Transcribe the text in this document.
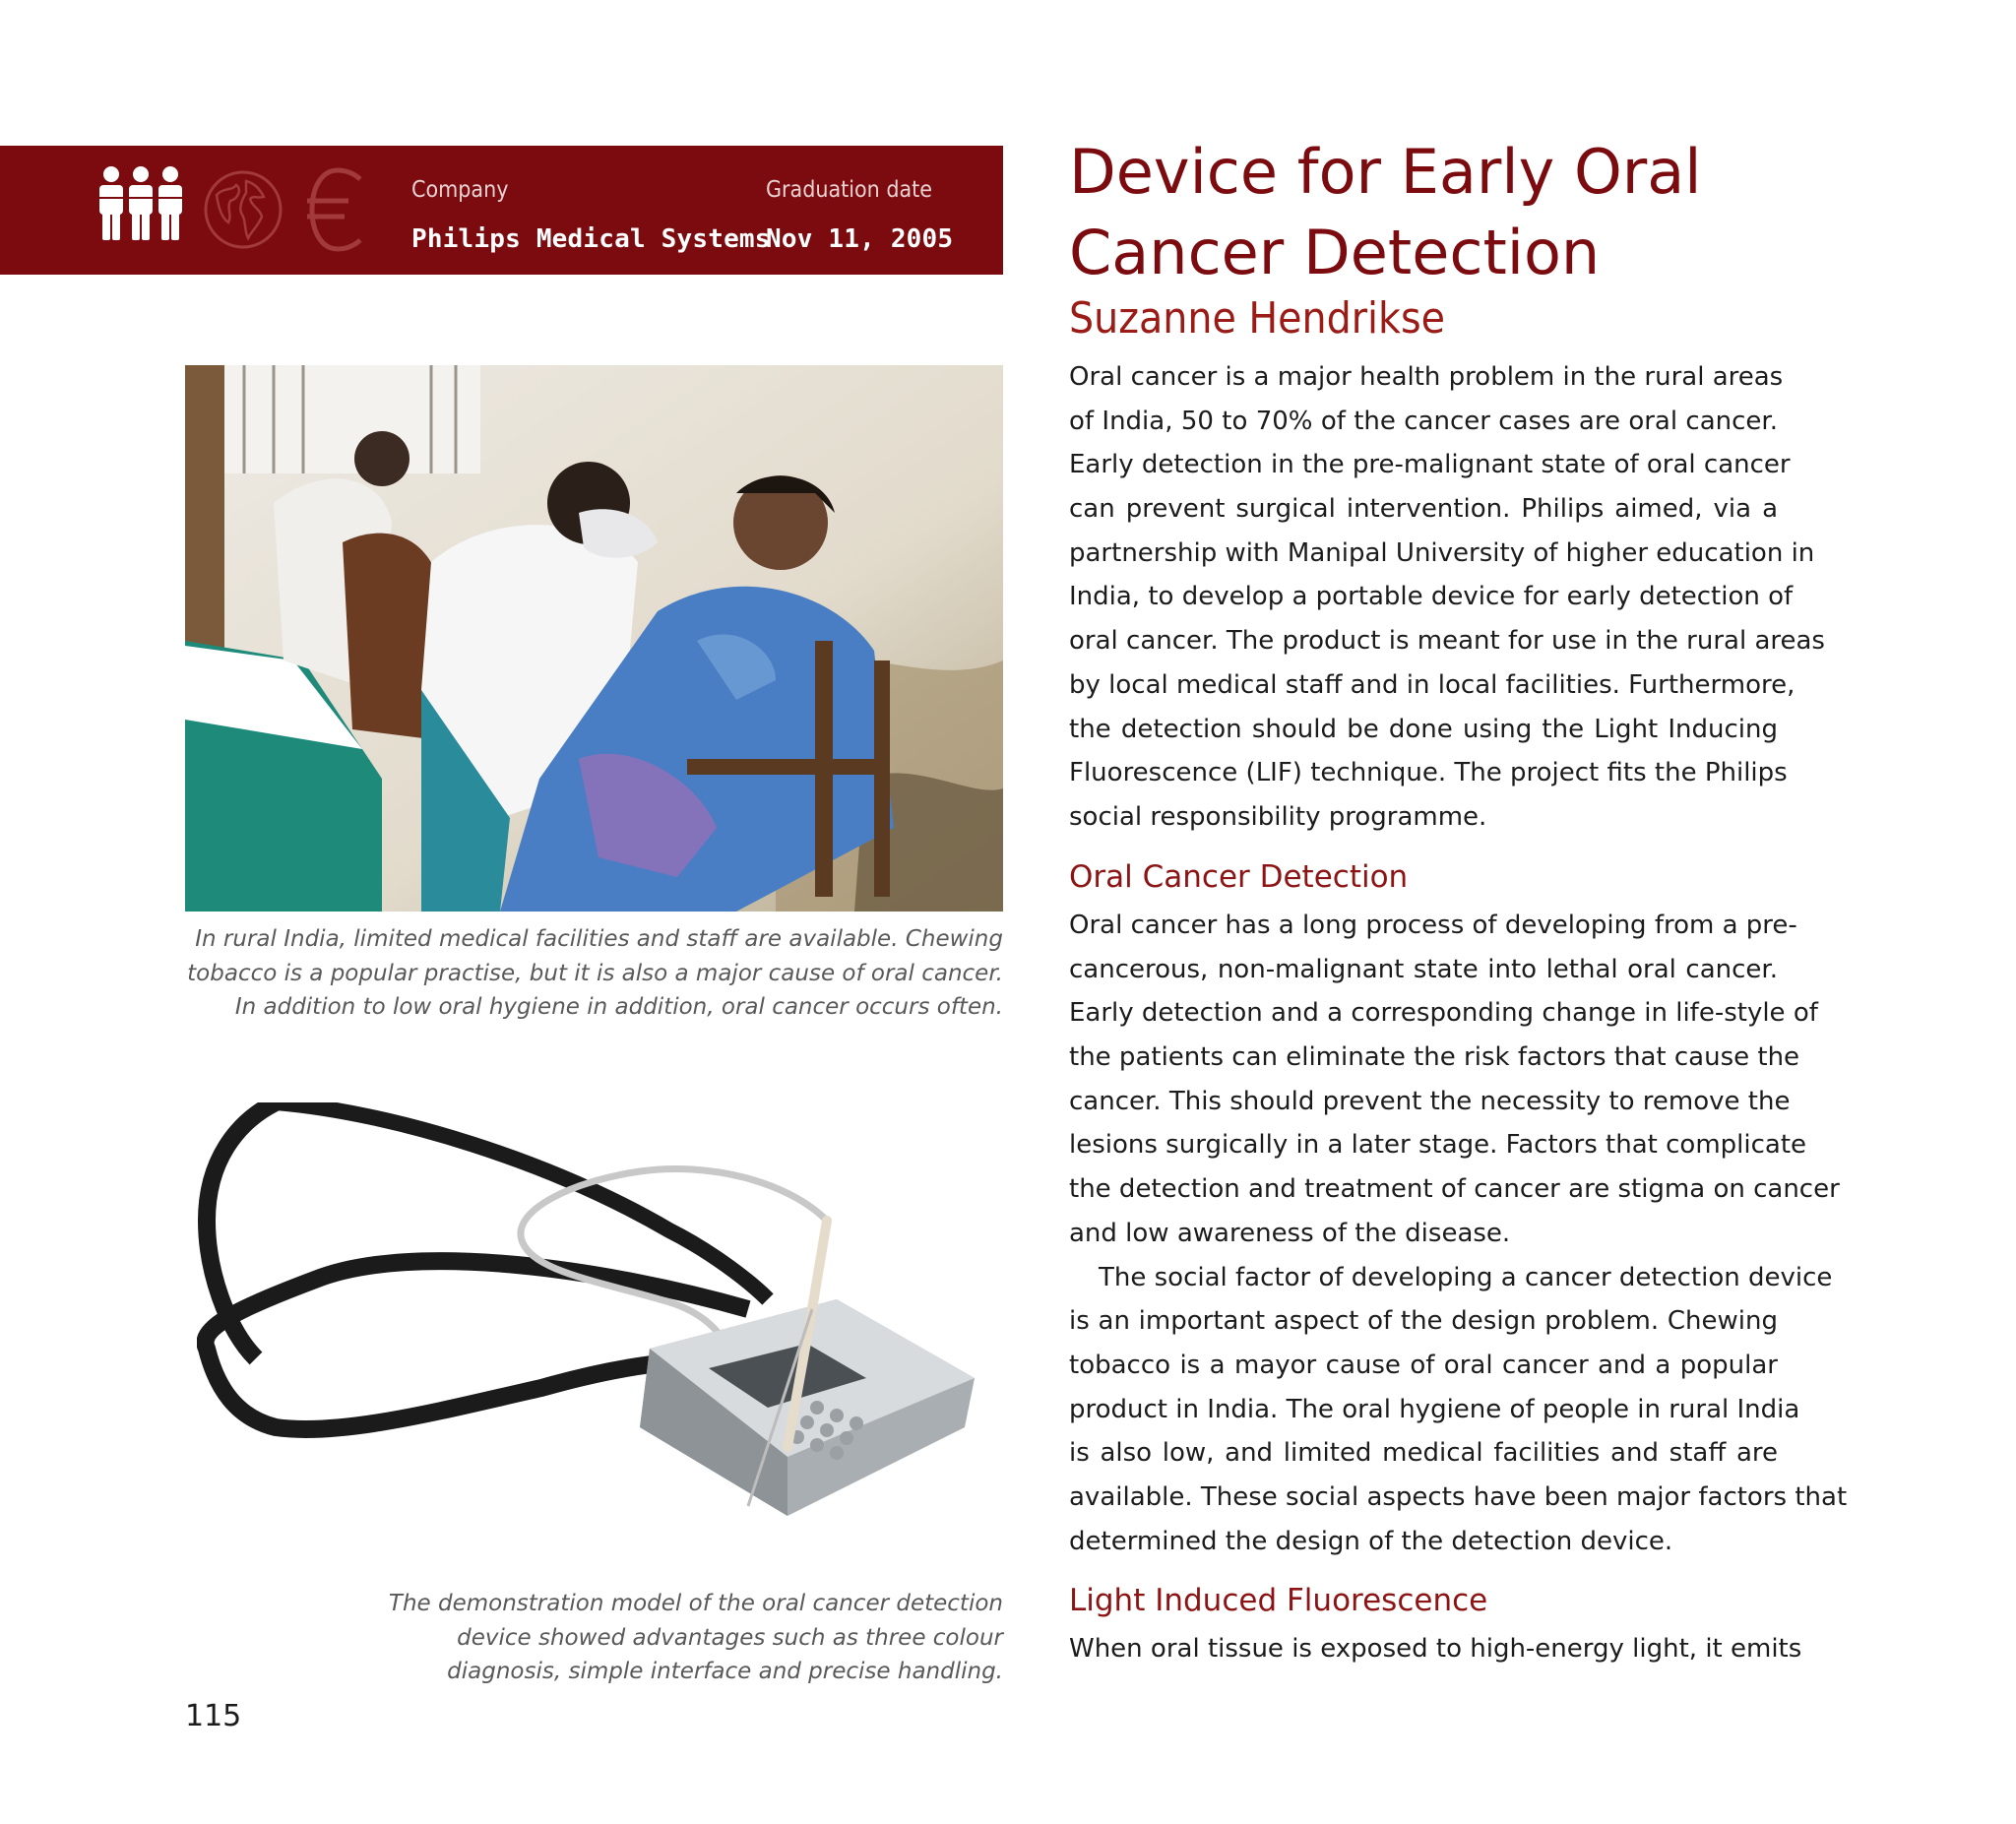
Company
Philips Medical Systems
Graduation date
Nov 11, 2005
In rural India, limited medical facilities and staff are available. Chewing
tobacco is a popular practise, but it is also a major cause of oral cancer.
In addition to low oral hygiene in addition, oral cancer occurs often.
The demonstration model of the oral cancer detection
device showed advantages such as three colour
diagnosis, simple interface and precise handling.
115
Device for Early Oral
Cancer Detection
Suzanne Hendrikse
Oral cancer is a major health problem in the rural areas
of India, 50 to 70% of the cancer cases are oral cancer.
Early detection in the pre-malignant state of oral cancer
can prevent surgical intervention. Philips aimed, via a
partnership with Manipal University of higher education in
India, to develop a portable device for early detection of
oral cancer. The product is meant for use in the rural areas
by local medical staff and in local facilities. Furthermore,
the detection should be done using the Light Inducing
Fluorescence (LIF) technique. The project fits the Philips
social responsibility programme.
Oral Cancer Detection
Oral cancer has a long process of developing from a pre-
cancerous, non-malignant state into lethal oral cancer.
Early detection and a corresponding change in life-style of
the patients can eliminate the risk factors that cause the
cancer. This should prevent the necessity to remove the
lesions surgically in a later stage. Factors that complicate
the detection and treatment of cancer are stigma on cancer
and low awareness of the disease.
The social factor of developing a cancer detection device
is an important aspect of the design problem. Chewing
tobacco is a mayor cause of oral cancer and a popular
product in India. The oral hygiene of people in rural India
is also low, and limited medical facilities and staff are
available. These social aspects have been major factors that
determined the design of the detection device.
Light Induced Fluorescence
When oral tissue is exposed to high-energy light, it emits
